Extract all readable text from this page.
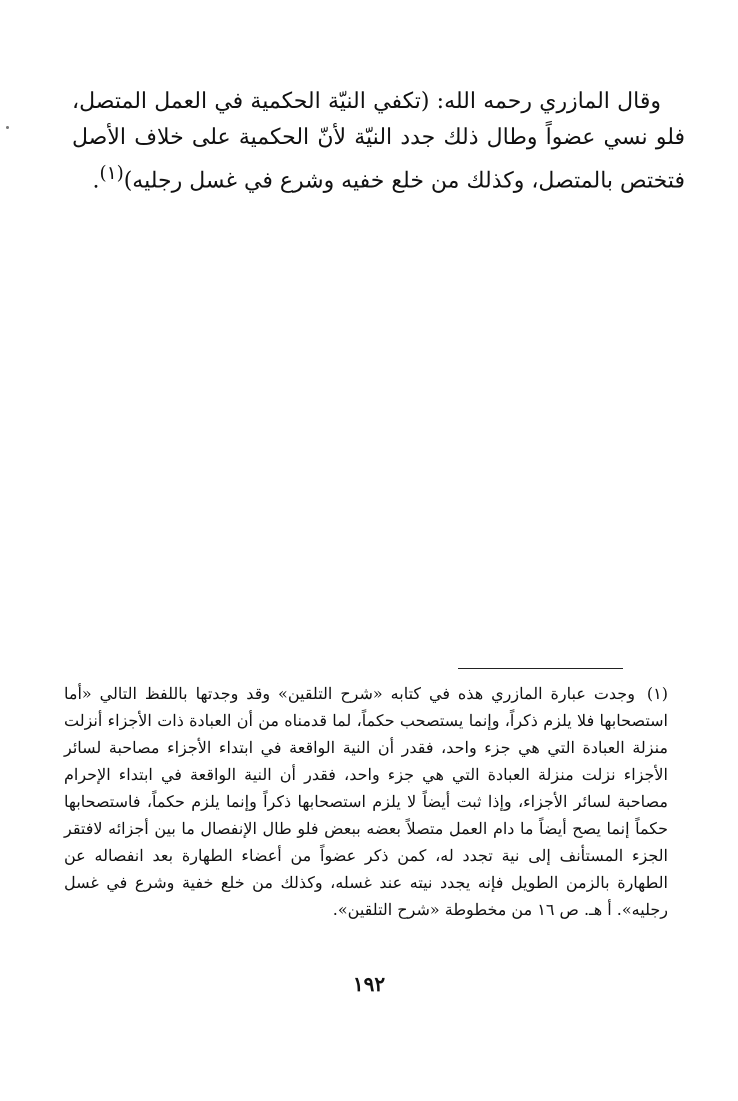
وقال المازري رحمه الله: (تكفي النيّة الحكمية في العمل المتصل، فلو نسي عضواً وطال ذلك جدد النيّة لأنّ الحكمية على خلاف الأصل فتختص بالمتصل، وكذلك من خلع خفيه وشرع في غسل رجليه)$^{(١)}$.

(١) وجدت عبارة المازري هذه في كتابه «شرح التلقين» وقد وجدتها باللفظ التالي «أما استصحابها فلا يلزم ذكراً، وإنما يستصحب حكماً، لما قدمناه من أن العبادة ذات الأجزاء أنزلت منزلة العبادة التي هي جزء واحد، فقدر أن النية الواقعة في ابتداء الأجزاء مصاحبة لسائر الأجزاء نزلت منزلة العبادة التي هي جزء واحد، فقدر أن النية الواقعة في ابتداء الإحرام مصاحبة لسائر الأجزاء، وإذا ثبت أيضاً لا يلزم استصحابها ذكراً وإنما يلزم حكماً، فاستصحابها حكماً إنما يصح أيضاً ما دام العمل متصلاً بعضه ببعض فلو طال الإنفصال ما بين أجزائه لافتقر الجزء المستأنف إلى نية تجدد له، كمن ذكر عضواً من أعضاء الطهارة بعد انفصاله عن الطهارة بالزمن الطويل فإنه يجدد نيته عند غسله، وكذلك من خلع خفية وشرع في غسل رجليه». أ هـ. ص ١٦ من مخطوطة «شرح التلقين».

١٩٢
